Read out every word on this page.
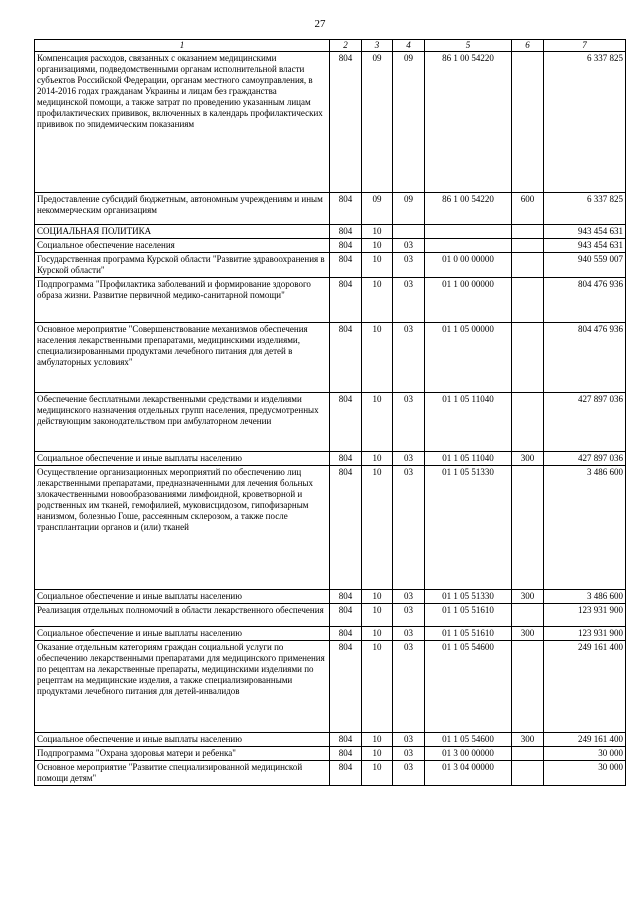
27
1	2	3	4	5	6	7
Компенсация расходов, связанных с оказанием медицинскими организациями, подведомственными органам исполнительной власти субъектов Российской Федерации, органам местного самоуправления, в 2014-2016 годах гражданам Украины и лицам без гражданства медицинской помощи, а также затрат по проведению указанным лицам профилактических прививок, включенных в календарь профилактических прививок по эпидемическим показаниям	804	09	09	86 1 00 54220		6 337 825
Предоставление субсидий бюджетным, автономным учреждениям и иным некоммерческим организациям	804	09	09	86 1 00 54220	600	6 337 825
СОЦИАЛЬНАЯ ПОЛИТИКА	804	10				943 454 631
Социальное обеспечение населения	804	10	03			943 454 631
Государственная программа Курской области "Развитие здравоохранения в Курской области"	804	10	03	01 0 00 00000		940 559 007
Подпрограмма "Профилактика заболеваний и формирование здорового образа жизни. Развитие первичной медико-санитарной помощи"	804	10	03	01 1 00 00000		804 476 936
Основное мероприятие "Совершенствование механизмов обеспечения населения лекарственными препаратами, медицинскими изделиями, специализированными продуктами лечебного питания для детей в амбулаторных условиях"	804	10	03	01 1 05 00000		804 476 936
Обеспечение бесплатными лекарственными средствами и изделиями медицинского назначения отдельных групп населения, предусмотренных действующим законодательством при амбулаторном лечении	804	10	03	01 1 05 11040		427 897 036
Социальное обеспечение и иные выплаты населению	804	10	03	01 1 05 11040	300	427 897 036
Осуществление организационных мероприятий по обеспечению лиц лекарственными препаратами, предназначенными для лечения больных злокачественными новообразованиями лимфоидной, кроветворной и родственных им тканей, гемофилией, муковисцидозом, гипофизарным нанизмом, болезнью Гоше, рассеянным склерозом, а также после трансплантации органов и (или) тканей	804	10	03	01 1 05 51330		3 486 600
Социальное обеспечение и иные выплаты населению	804	10	03	01 1 05 51330	300	3 486 600
Реализация отдельных полномочий в области лекарственного обеспечения	804	10	03	01 1 05 51610		123 931 900
Социальное обеспечение и иные выплаты населению	804	10	03	01 1 05 51610	300	123 931 900
Оказание отдельным категориям граждан социальной услуги по обеспечению лекарственными препаратами для медицинского применения по рецептам на лекарственные препараты, медицинскими изделиями по рецептам на медицинские изделия, а также специализированными продуктами лечебного питания для детей-инвалидов	804	10	03	01 1 05 54600		249 161 400
Социальное обеспечение и иные выплаты населению	804	10	03	01 1 05 54600	300	249 161 400
Подпрограмма "Охрана здоровья матери и ребенка"	804	10	03	01 3 00 00000		30 000
Основное мероприятие "Развитие специализированной медицинской помощи детям"	804	10	03	01 3 04 00000		30 000
